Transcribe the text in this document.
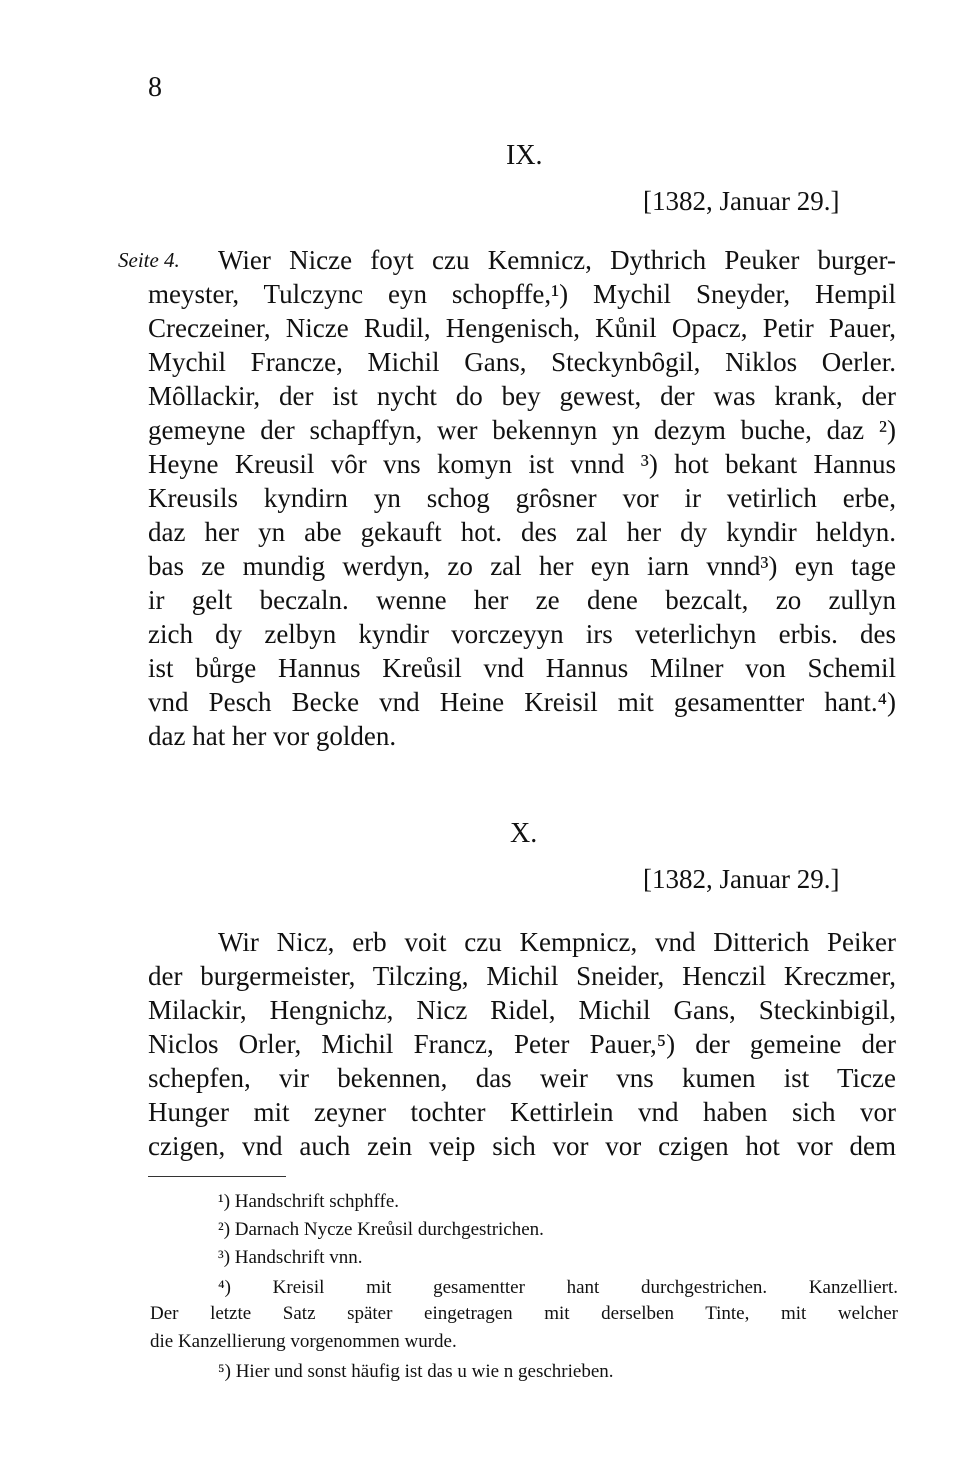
8
IX.
[1382, Januar 29.]
Seite 4. Wier Nicze foyt czu Kemnicz, Dythrich Peuker burger-
meyster, Tulczync eyn schopffe,¹) Mychil Sneyder, Hempil
Creczeiner, Nicze Rudil, Hengenisch, Kůnil Opacz, Petir Pauer,
Mychil Francze, Michil Gans, Steckynbȏgil, Niklos Oerler.
Mȏllackir, der ist nycht do bey gewest, der was krank, der
gemeyne der schapffyn, wer bekennyn yn dezym buche, daz ²)
Heyne Kreusil vȏr vns komyn ist vnnd ³) hot bekant Hannus
Kreusils kyndirn yn schog grȏsner vor ir vetirlich erbe,
daz her yn abe gekauft hot. des zal her dy kyndir heldyn.
bas ze mundig werdyn, zo zal her eyn iarn vnnd³) eyn tage
ir gelt beczaln. wenne her ze dene bezcalt, zo zullyn
zich dy zelbyn kyndir vorczeyyn irs veterlichyn erbis. des
ist bůrge Hannus Kreůsil vnd Hannus Milner von Schemil
vnd Pesch Becke vnd Heine Kreisil mit gesamentter hant.⁴)
daz hat her vor golden.
X.
[1382, Januar 29.]
Wir Nicz, erb voit czu Kempnicz, vnd Ditterich Peiker
der burgermeister, Tilczing, Michil Sneider, Henczil Kreczmer,
Milackir, Hengnichz, Nicz Ridel, Michil Gans, Steckinbigil,
Niclos Orler, Michil Francz, Peter Pauer,⁵) der gemeine der
schepfen, vir bekennen, das weir vns kumen ist Ticze
Hunger mit zeyner tochter Kettirlein vnd haben sich vor
czigen, vnd auch zein veip sich vor vor czigen hot vor dem
¹) Handschrift schphffe.
²) Darnach Nycze Kreůsil durchgestrichen.
³) Handschrift vnn.
⁴) Kreisil mit gesamentter hant durchgestrichen. Kanzelliert.
Der letzte Satz später eingetragen mit derselben Tinte, mit welcher
die Kanzellierung vorgenommen wurde.
⁵) Hier und sonst häufig ist das u wie n geschrieben.
